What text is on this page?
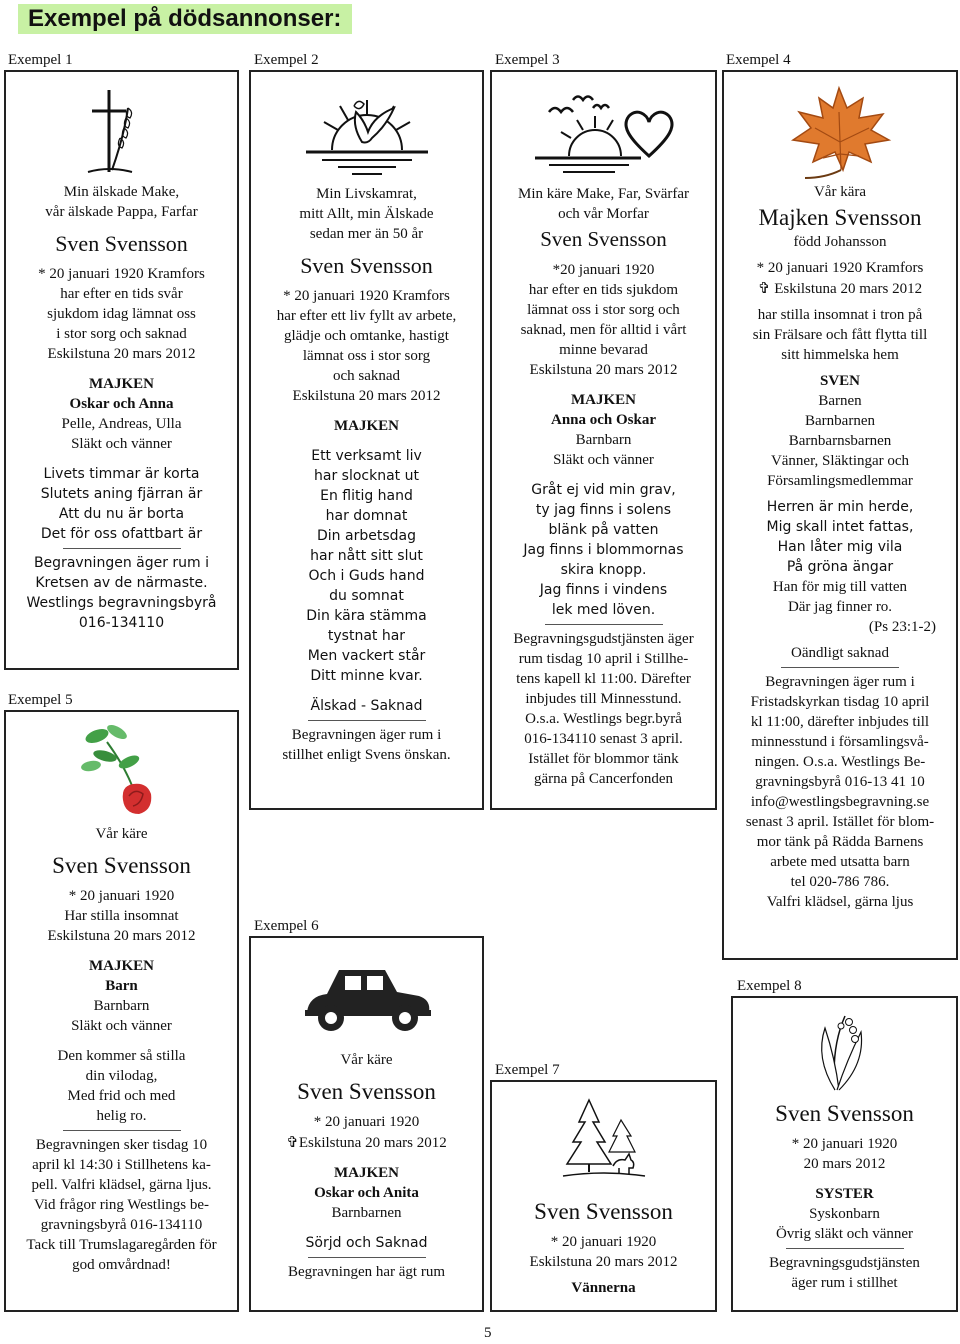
Exempel på dödsannonser:
Exempel 1	Exempel 2	Exempel 3	Exempel 4
Exempel 5
Exempel 6
Exempel 7
Exempel 8
Min älskade Make,
vår älskade Pappa, Farfar
Sven Svensson
* 20 januari 1920 Kramfors
har efter en tids svår
sjukdom idag lämnat oss
i stor sorg och saknad
Eskilstuna 20 mars 2012
MAJKEN
Oskar och Anna
Pelle, Andreas, Ulla
Släkt och vänner
Livets timmar är korta
Slutets aning fjärran är
Att du nu är borta
Det för oss ofattbart är
Begravningen äger rum i
Kretsen av de närmaste.
Westlings begravningsbyrå
016-134110
Min Livskamrat,
mitt Allt, min Älskade
sedan mer än 50 år
Sven Svensson
* 20 januari 1920 Kramfors
har efter ett liv fyllt av arbete,
glädje och omtanke, hastigt
lämnat oss i stor sorg
och saknad
Eskilstuna 20 mars 2012
MAJKEN
Ett verksamt liv
har slocknat ut
En flitig hand
har domnat
Din arbetsdag
har nått sitt slut
Och i Guds hand
du somnat
Din kära stämma
tystnat har
Men vackert står
Ditt minne kvar.
Älskad - Saknad
Begravningen äger rum i
stillhet enligt Svens önskan.
Min käre Make, Far, Svärfar
och vår Morfar
Sven Svensson
*20 januari 1920
har efter en tids sjukdom
lämnat oss i stor sorg och
saknad, men för alltid i vårt
minne bevarad
Eskilstuna 20 mars 2012
MAJKEN
Anna och Oskar
Barnbarn
Släkt och vänner
Gråt ej vid min grav,
ty jag finns i solens
blänk på vatten
Jag finns i blommornas
skira knopp.
Jag finns i vindens
lek med löven.
Begravningsgudstjänsten äger
rum tisdag 10 april i Stillhe-
tens kapell kl 11:00. Därefter
inbjudes till Minnesstund.
O.s.a. Westlings begr.byrå
016-134110 senast 3 april.
Istället för blommor tänk
gärna på Cancerfonden
Vår kära
Majken Svensson
född Johansson
* 20 januari 1920 Kramfors
✞ Eskilstuna 20 mars 2012
har stilla insomnat i tron på
sin Frälsare och fått flytta till
sitt himmelska hem
SVEN
Barnen
Barnbarnen
Barnbarnsbarnen
Vänner, Släktingar och
Församlingsmedlemmar
Herren är min herde,
Mig skall intet fattas,
Han låter mig vila
På gröna ängar
Han för mig till vatten
Där jag finner ro.
(Ps 23:1-2)
Oändligt saknad
Begravningen äger rum i
Fristadskyrkan tisdag 10 april
kl 11:00, därefter inbjudes till
minnesstund i församlingsvå-
ningen. O.s.a. Westlings Be-
gravningsbyrå 016-13 41 10
info@westlingsbegravning.se
senast 3 april. Istället för blom-
mor tänk på Rädda Barnens
arbete med utsatta barn
tel 020-786 786.
Valfri klädsel, gärna ljus
Vår käre
Sven Svensson
* 20 januari 1920
Har stilla insomnat
Eskilstuna 20 mars 2012
MAJKEN
Barn
Barnbarn
Släkt och vänner
Den kommer så stilla
din vilodag,
Med frid och med
helig ro.
Begravningen sker tisdag 10
april kl 14:30 i Stillhetens ka-
pell. Valfri klädsel, gärna ljus.
Vid frågor ring Westlings be-
gravningsbyrå 016-134110
Tack till Trumslagaregården för
god omvårdnad!
Vår käre
Sven Svensson
* 20 januari 1920
✞Eskilstuna 20 mars 2012
MAJKEN
Oskar och Anita
Barnbarnen
Sörjd och Saknad
Begravningen har ägt rum
Sven Svensson
* 20 januari 1920
Eskilstuna 20 mars 2012
Vännerna
Sven Svensson
* 20 januari 1920
20 mars 2012
SYSTER
Syskonbarn
Övrig släkt och vänner
Begravningsgudstjänsten
äger rum i stillhet
5
